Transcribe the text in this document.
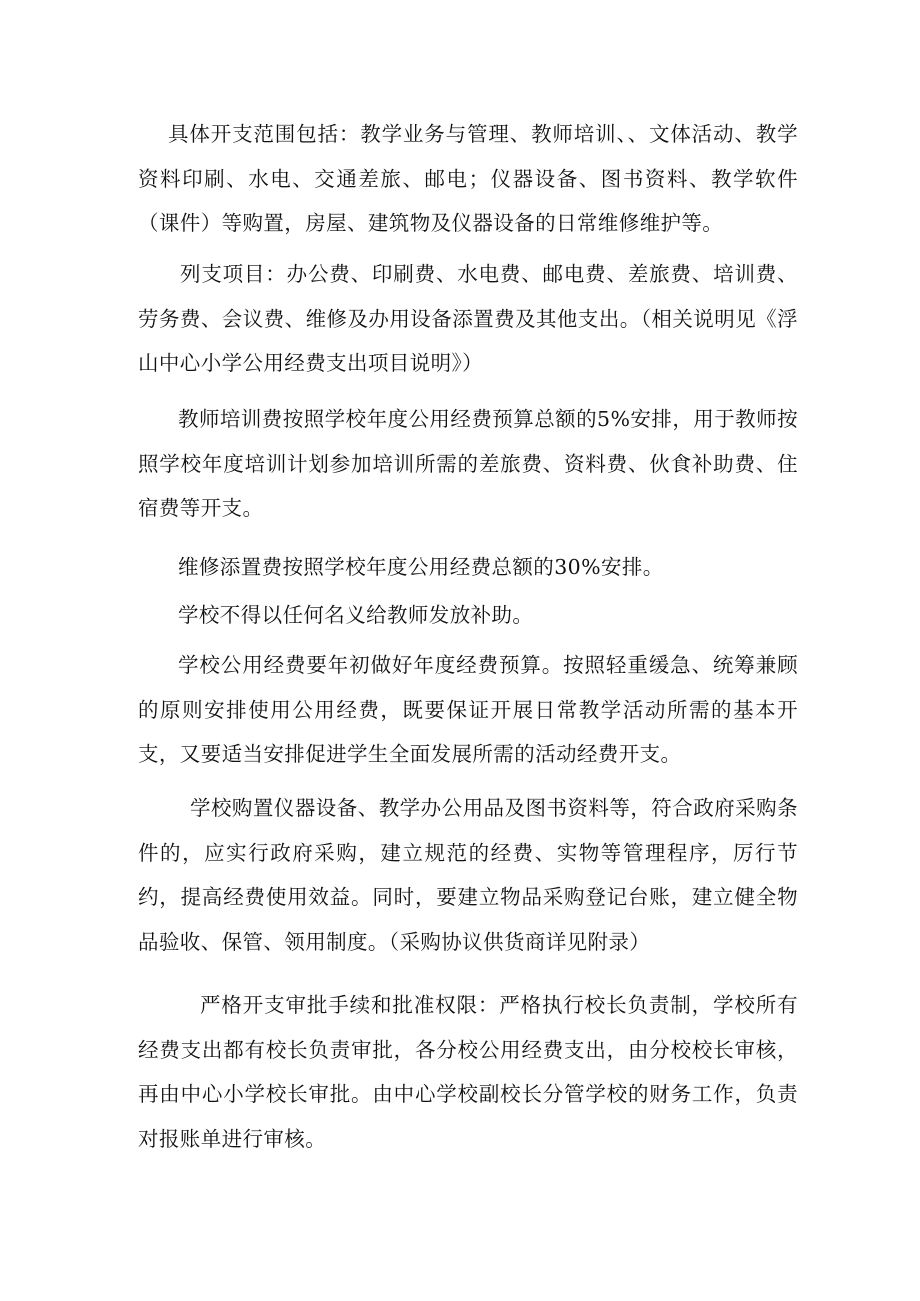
具体开支范围包括：教学业务与管理、教师培训、、文体活动、教学资料印刷、水电、交通差旅、邮电；仪器设备、图书资料、教学软件（课件）等购置，房屋、建筑物及仪器设备的日常维修维护等。

列支项目：办公费、印刷费、水电费、邮电费、差旅费、培训费、劳务费、会议费、维修及办用设备添置费及其他支出。（相关说明见《浮山中心小学公用经费支出项目说明》）

教师培训费按照学校年度公用经费预算总额的5%安排，用于教师按照学校年度培训计划参加培训所需的差旅费、资料费、伙食补助费、住宿费等开支。

维修添置费按照学校年度公用经费总额的30%安排。

学校不得以任何名义给教师发放补助。

学校公用经费要年初做好年度经费预算。按照轻重缓急、统筹兼顾的原则安排使用公用经费，既要保证开展日常教学活动所需的基本开支，又要适当安排促进学生全面发展所需的活动经费开支。

学校购置仪器设备、教学办公用品及图书资料等，符合政府采购条件的，应实行政府采购，建立规范的经费、实物等管理程序，厉行节约，提高经费使用效益。同时，要建立物品采购登记台账，建立健全物品验收、保管、领用制度。（采购协议供货商详见附录）

严格开支审批手续和批准权限：严格执行校长负责制，学校所有经费支出都有校长负责审批，各分校公用经费支出，由分校校长审核，再由中心小学校长审批。由中心学校副校长分管学校的财务工作，负责对报账单进行审核。
